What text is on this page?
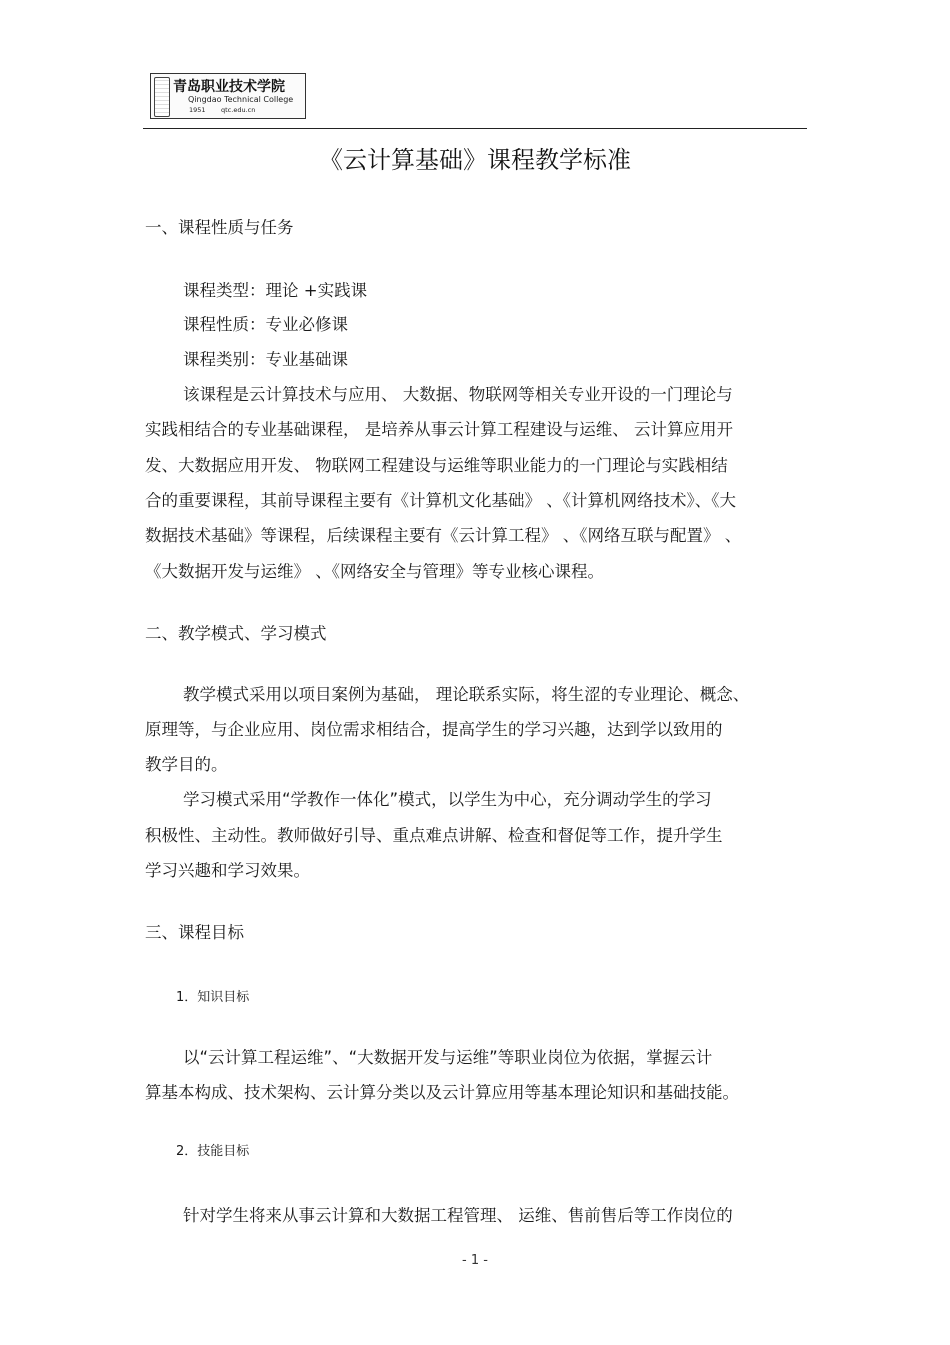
青岛职业技术学院
Qingdao Technical College
1951 qtc.edu.cn
《云计算基础》课程教学标准
一、课程性质与任务
课程类型：理论 +实践课
课程性质：专业必修课
课程类别：专业基础课
该课程是云计算技术与应用、 大数据、物联网等相关专业开设的一门理论与
实践相结合的专业基础课程， 是培养从事云计算工程建设与运维、 云计算应用开
发、大数据应用开发、 物联网工程建设与运维等职业能力的一门理论与实践相结
合的重要课程，其前导课程主要有《计算机文化基础》 、《计算机网络技术》、《大
数据技术基础》等课程，后续课程主要有《云计算工程》 、《网络互联与配置》 、
《大数据开发与运维》 、《网络安全与管理》等专业核心课程。
二、教学模式、学习模式
教学模式采用以项目案例为基础， 理论联系实际，将生涩的专业理论、概念、
原理等，与企业应用、岗位需求相结合，提高学生的学习兴趣，达到学以致用的
教学目的。
学习模式采用“学教作一体化”模式，以学生为中心，充分调动学生的学习
积极性、主动性。教师做好引导、重点难点讲解、检查和督促等工作，提升学生
学习兴趣和学习效果。
三、课程目标
1．知识目标
以“云计算工程运维”、“大数据开发与运维”等职业岗位为依据，掌握云计
算基本构成、技术架构、云计算分类以及云计算应用等基本理论知识和基础技能。
2．技能目标
针对学生将来从事云计算和大数据工程管理、 运维、售前售后等工作岗位的
- 1 -
